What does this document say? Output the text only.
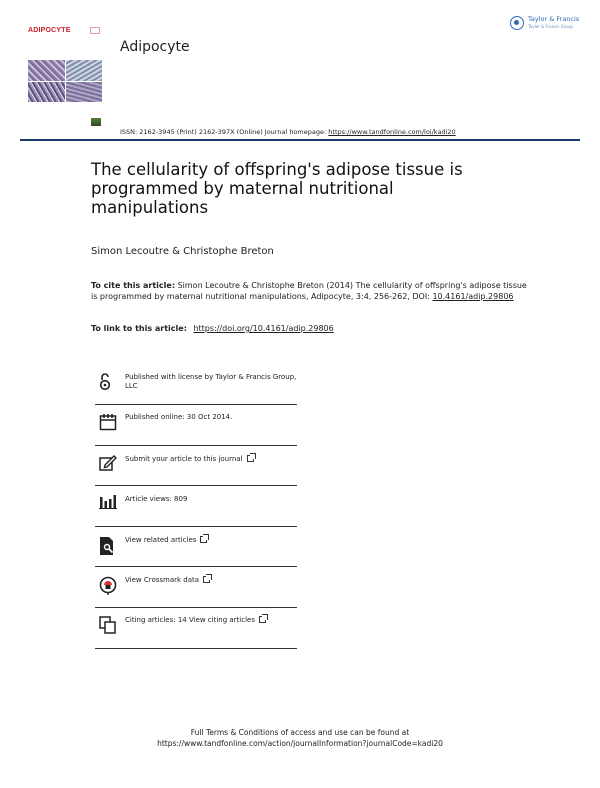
ADIPOCYTE
Adipocyte
Taylor & Francis
Taylor & Francis Group
ISSN: 2162-3945 (Print) 2162-397X (Online) Journal homepage: https://www.tandfonline.com/loi/kadi20
The cellularity of offspring's adipose tissue is programmed by maternal nutritional manipulations
Simon Lecoutre & Christophe Breton
To cite this article: Simon Lecoutre & Christophe Breton (2014) The cellularity of offspring's adipose tissue is programmed by maternal nutritional manipulations, Adipocyte, 3:4, 256-262, DOI: 10.4161/adip.29806
To link to this article: https://doi.org/10.4161/adip.29806
Published with license by Taylor & Francis Group, LLC
Published online: 30 Oct 2014.
Submit your article to this journal
Article views: 809
View related articles
View Crossmark data
Citing articles: 14 View citing articles
Full Terms & Conditions of access and use can be found at
https://www.tandfonline.com/action/journalInformation?journalCode=kadi20
